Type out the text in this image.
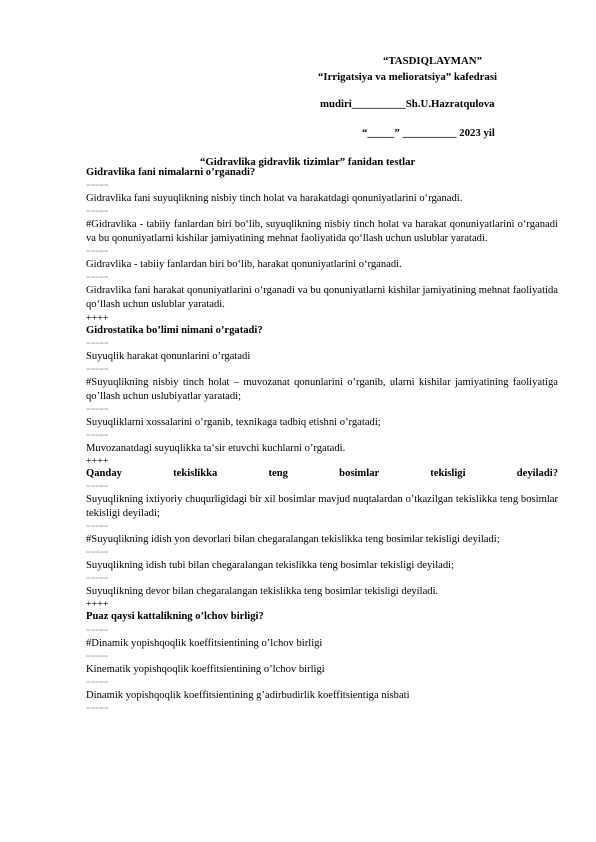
“TASDIQLAYMAN”
“Irrigatsiya va melioratsiya” kafedrasi
mudiri__________Sh.U.Hazratqulova
“_____” __________ 2023 yil
“Gidravlika gidravlik tizimlar” fanidan testlar

Gidravlika fani nimalarni o’rganadi?

=====

Gidravlika fani suyuqlikning nisbiy tinch holat va harakatdagi qonuniyatlarini o‘rganadi.

=====

#Gidravlika - tabiiy fanlardan biri bo‘lib, suyuqlikning nisbiy tinch holat va harakat qonuniyatlarini o‘rganadi va bu qonuniyatlarni kishilar jamiyatining mehnat faoliyatida qo‘llash uchun uslublar yaratadi.

=====

Gidravlika - tabiiy fanlardan biri bo‘lib, harakat qonuniyatlarini o‘rganadi.

=====

Gidravlika fani harakat qonuniyatlarini o‘rganadi va bu qonuniyatlarni kishilar jamiyatining mehnat faoliyatida qo‘llash uchun uslublar yaratadi.

++++

Gidrostatika bo’limi nimani o’rgatadi?

=====

Suyuqlik harakat qonunlarini o’rgatadi

=====

#Suyuqlikning nisbiy tinch holat – muvozanat qonunlarini o’rganib, ularni kishilar jamiyatining faoliyatiga qo’llash uchun uslubiyatlar yaratadi;

=====

Suyuqliklarni xossalarini o’rganib, texnikaga tadbiq etishni o’rgatadi;

=====

Muvozanatdagi suyuqlikka ta‘sir etuvchi kuchlarni o’rgatadi.

++++

Qanday tekislikka teng bosimlar tekisligi deyiladi?

=====

Suyuqlikning ixtiyoriy chuqurligidagi bir xil bosimlar mavjud nuqtalardan o’tkazilgan tekislikka teng bosimlar tekisligi deyiladi;

=====

#Suyuqlikning idish yon devorlari bilan chegaralangan tekislikka teng bosimlar tekisligi deyiladi;

=====

Suyuqlikning idish tubi bilan chegaralangan tekislikka teng bosimlar tekisligi deyiladi;

=====

Suyuqlikning devor bilan chegaralangan tekislikka teng bosimlar tekisligi deyiladi.

++++

Puaz qaysi kattalikning o’lchov birligi?

=====

#Dinamik yopishqoqlik koeffitsientining o’lchov birligi

=====

Kinematik yopishqoqlik koeffitsientining o’lchov birligi

=====

Dinamik yopishqoqlik koeffitsientining g’adirbudirlik koeffitsientiga nisbati

=====
